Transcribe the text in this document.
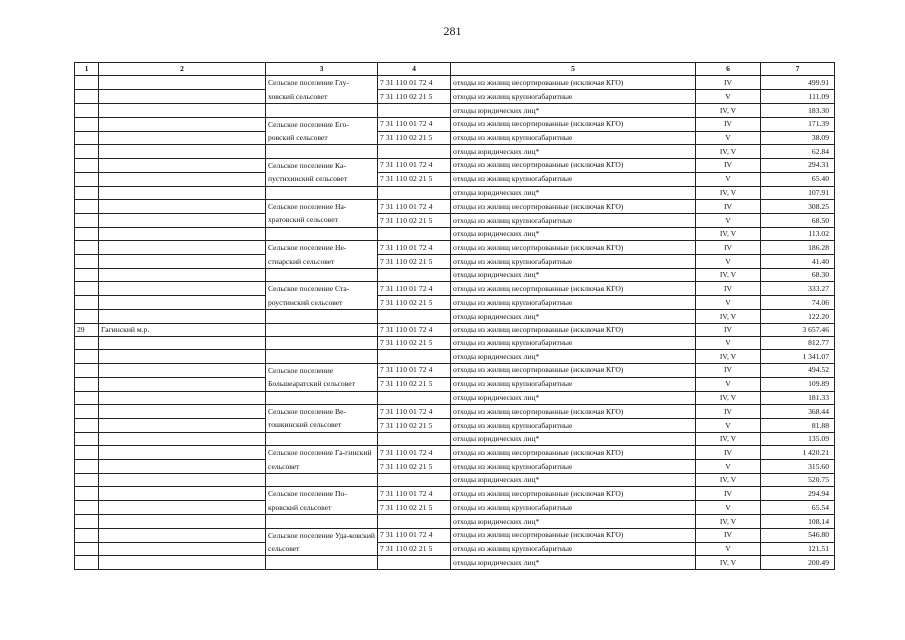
281
1	2	3	4	5	6	7
		Сельское поселение Глу-ховский сельсовет	7 31 110 01 72 4	отходы из жилищ несортированные (исключая КГО)	IV	499.91
			7 31 110 02 21 5	отходы из жилищ крупногабаритные	V	111.09
				отходы юридических лиц*	IV, V	183.30
		Сельское поселение Его-ровский сельсовет	7 31 110 01 72 4	отходы из жилищ несортированные (исключая КГО)	IV	171.39
			7 31 110 02 21 5	отходы из жилищ крупногабаритные	V	38.09
				отходы юридических лиц*	IV, V	62.84
		Сельское поселение Ка-пустихинский сельсовет	7 31 110 01 72 4	отходы из жилищ несортированные (исключая КГО)	IV	294.31
			7 31 110 02 21 5	отходы из жилищ крупногабаритные	V	65.40
				отходы юридических лиц*	IV, V	107.91
		Сельское поселение На-хратовский сельсовет	7 31 110 01 72 4	отходы из жилищ несортированные (исключая КГО)	IV	308.25
			7 31 110 02 21 5	отходы из жилищ крупногабаритные	V	68.50
				отходы юридических лиц*	IV, V	113.02
		Сельское поселение Не-стиарский сельсовет	7 31 110 01 72 4	отходы из жилищ несортированные (исключая КГО)	IV	186.28
			7 31 110 02 21 5	отходы из жилищ крупногабаритные	V	41.40
				отходы юридических лиц*	IV, V	68.30
		Сельское поселение Ста-роустинский сельсовет	7 31 110 01 72 4	отходы из жилищ несортированные (исключая КГО)	IV	333.27
			7 31 110 02 21 5	отходы из жилищ крупногабаритные	V	74.06
				отходы юридических лиц*	IV, V	122.20
29	Гагинский м.р.		7 31 110 01 72 4	отходы из жилищ несортированные (исключая КГО)	IV	3 657.46
			7 31 110 02 21 5	отходы из жилищ крупногабаритные	V	812.77
				отходы юридических лиц*	IV, V	1 341.07
		Сельское поселение Большеаратский сельсовет	7 31 110 01 72 4	отходы из жилищ несортированные (исключая КГО)	IV	494.52
			7 31 110 02 21 5	отходы из жилищ крупногабаритные	V	109.89
				отходы юридических лиц*	IV, V	181.33
		Сельское поселение Ве-тошкинский сельсовет	7 31 110 01 72 4	отходы из жилищ несортированные (исключая КГО)	IV	368.44
			7 31 110 02 21 5	отходы из жилищ крупногабаритные	V	81.88
				отходы юридических лиц*	IV, V	135.09
		Сельское поселение Га-гинский сельсовет	7 31 110 01 72 4	отходы из жилищ несортированные (исключая КГО)	IV	1 420.21
			7 31 110 02 21 5	отходы из жилищ крупногабаритные	V	315.60
				отходы юридических лиц*	IV, V	520.75
		Сельское поселение По-кровский сельсовет	7 31 110 01 72 4	отходы из жилищ несортированные (исключая КГО)	IV	294.94
			7 31 110 02 21 5	отходы из жилищ крупногабаритные	V	65.54
				отходы юридических лиц*	IV, V	108.14
		Сельское поселение Уда-ковский сельсовет	7 31 110 01 72 4	отходы из жилищ несортированные (исключая КГО)	IV	546.80
			7 31 110 02 21 5	отходы из жилищ крупногабаритные	V	121.51
				отходы юридических лиц*	IV, V	200.49
